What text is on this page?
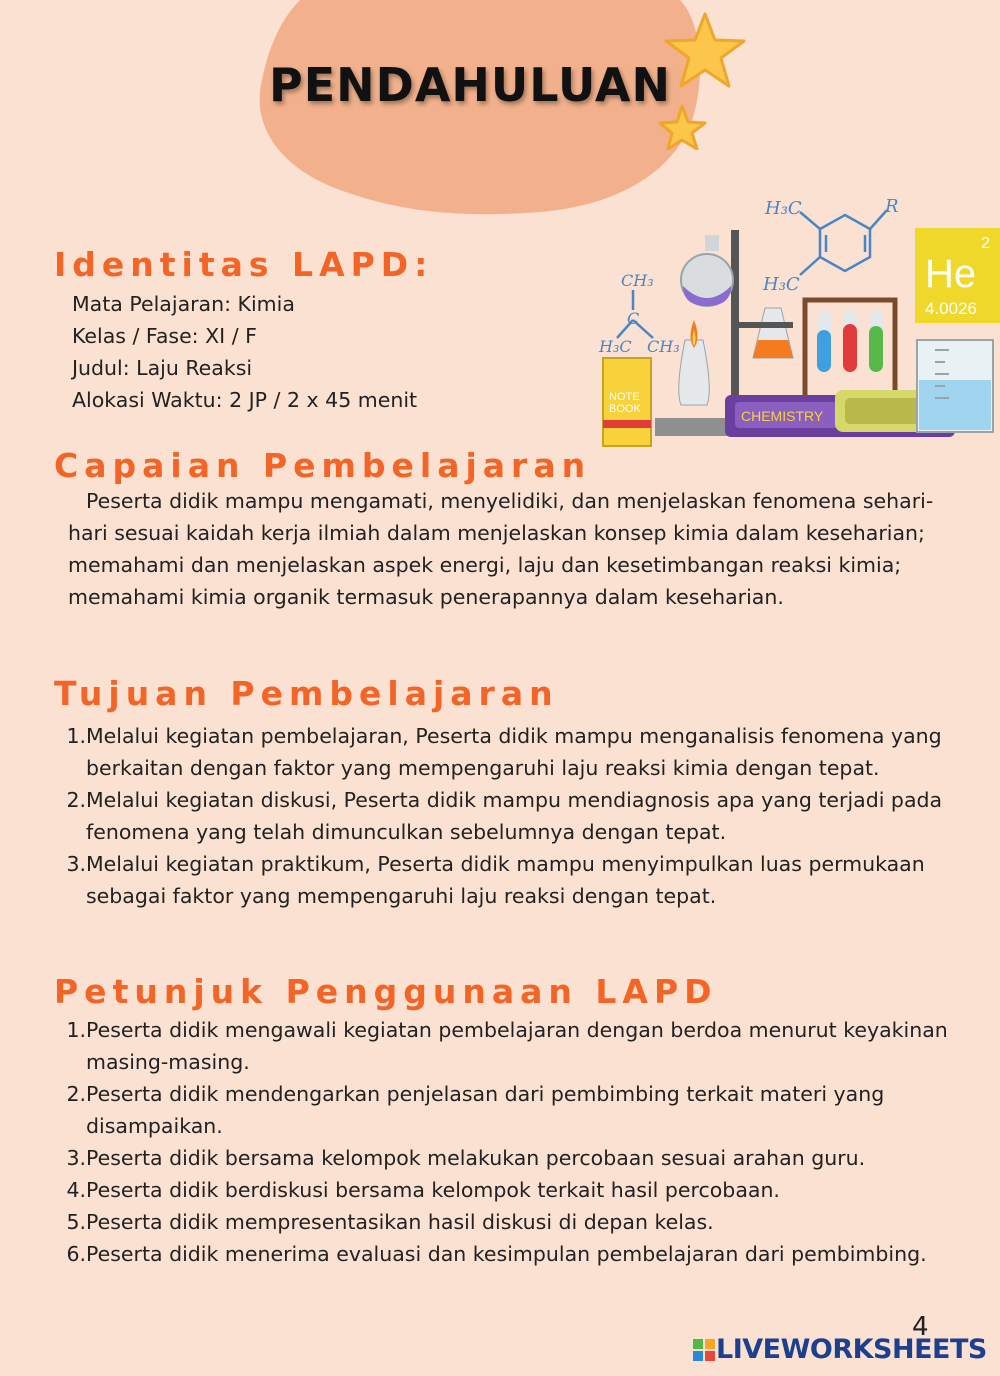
PENDAHULUAN
H₃C	R
H₃C
CH₃
C
H₃C CH₃
2
He
4.0026
NOTE
BOOK	CHEMISTRY
Identitas LAPD:
Mata Pelajaran: Kimia
Kelas / Fase: XI / F
Judul: Laju Reaksi
Alokasi Waktu: 2 JP / 2 x 45 menit
Capaian Pembelajaran

Peserta didik mampu mengamati, menyelidiki, dan menjelaskan fenomena sehari-hari sesuai kaidah kerja ilmiah dalam menjelaskan konsep kimia dalam keseharian; memahami dan menjelaskan aspek energi, laju dan kesetimbangan reaksi kimia; memahami kimia organik termasuk penerapannya dalam keseharian.

Tujuan Pembelajaran
1. Melalui kegiatan pembelajaran, Peserta didik mampu menganalisis fenomena yang berkaitan dengan faktor yang mempengaruhi laju reaksi kimia dengan tepat.
2. Melalui kegiatan diskusi, Peserta didik mampu mendiagnosis apa yang terjadi pada fenomena yang telah dimunculkan sebelumnya dengan tepat.
3. Melalui kegiatan praktikum, Peserta didik mampu menyimpulkan luas permukaan sebagai faktor yang mempengaruhi laju reaksi dengan tepat.
Petunjuk Penggunaan LAPD
1. Peserta didik mengawali kegiatan pembelajaran dengan berdoa menurut keyakinan masing-masing.
2. Peserta didik mendengarkan penjelasan dari pembimbing terkait materi yang disampaikan.
3. Peserta didik bersama kelompok melakukan percobaan sesuai arahan guru.
4. Peserta didik berdiskusi bersama kelompok terkait hasil percobaan.
5. Peserta didik mempresentasikan hasil diskusi di depan kelas.
6. Peserta didik menerima evaluasi dan kesimpulan pembelajaran dari pembimbing.
4
LIVEWORKSHEETS
